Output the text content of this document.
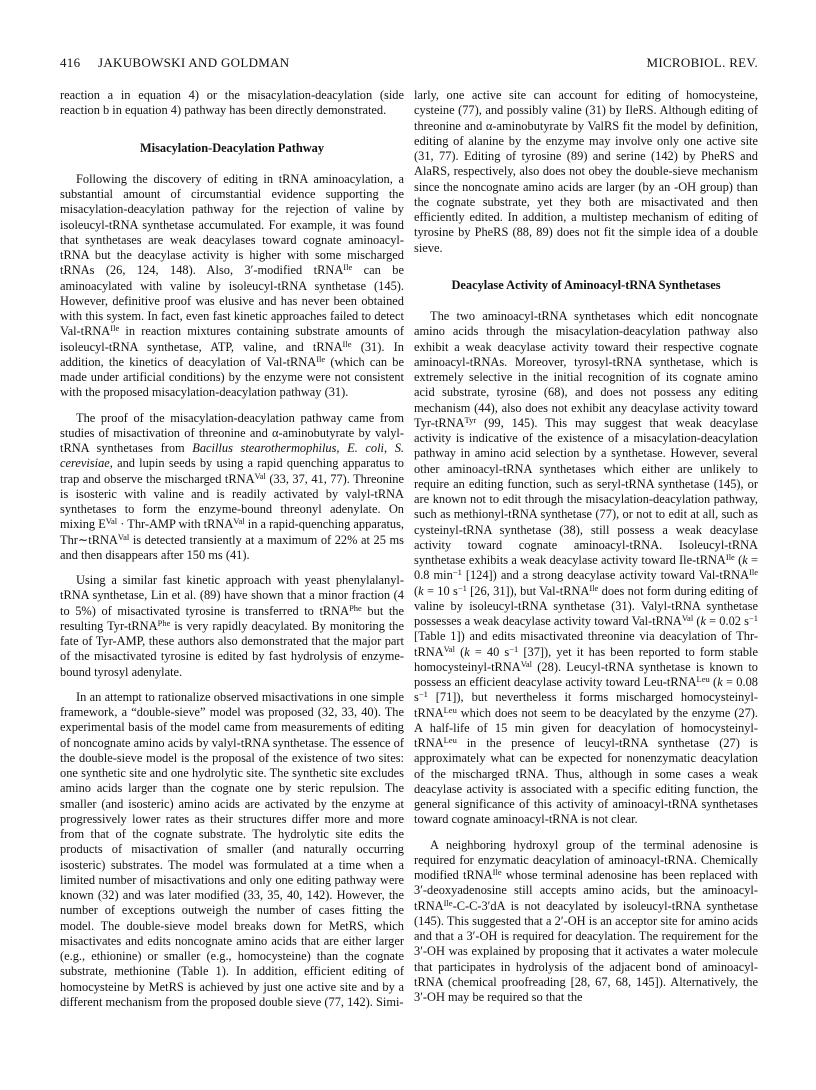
416 JAKUBOWSKI AND GOLDMAN	MICROBIOL. REV.

reaction a in equation 4) or the misacylation-deacylation (side reaction b in equation 4) pathway has been directly demonstrated.

Misacylation-Deacylation Pathway

Following the discovery of editing in tRNA aminoacylation, a substantial amount of circumstantial evidence supporting the misacylation-deacylation pathway for the rejection of valine by isoleucyl-tRNA synthetase accumulated. For example, it was found that synthetases are weak deacylases toward cognate aminoacyl-tRNA but the deacylase activity is higher with some mischarged tRNAs (26, 124, 148). Also, 3′-modified tRNA$^{Ile}$ can be aminoacylated with valine by isoleucyl-tRNA synthetase (145). However, definitive proof was elusive and has never been obtained with this system. In fact, even fast kinetic approaches failed to detect Val-tRNA$^{Ile}$ in reaction mixtures containing substrate amounts of isoleucyl-tRNA synthetase, ATP, valine, and tRNA$^{Ile}$ (31). In addition, the kinetics of deacylation of Val-tRNA$^{Ile}$ (which can be made under artificial conditions) by the enzyme were not consistent with the proposed misacylation-deacylation pathway (31).

The proof of the misacylation-deacylation pathway came from studies of misactivation of threonine and α-aminobutyrate by valyl-tRNA synthetases from Bacillus stearothermophilus, E. coli, S. cerevisiae, and lupin seeds by using a rapid quenching apparatus to trap and observe the mischarged tRNA$^{Val}$ (33, 37, 41, 77). Threonine is isosteric with valine and is readily activated by valyl-tRNA synthetases to form the enzyme-bound threonyl adenylate. On mixing $E^{Val} \cdot Thr-AMP$ with tRNA$^{Val}$ in a rapid-quenching apparatus, Thr∼tRNA$^{Val}$ is detected transiently at a maximum of 22% at 25 ms and then disappears after 150 ms (41).

Using a similar fast kinetic approach with yeast phenylalanyl-tRNA synthetase, Lin et al. (89) have shown that a minor fraction (4 to 5%) of misactivated tyrosine is transferred to tRNA$^{Phe}$ but the resulting Tyr-tRNA$^{Phe}$ is very rapidly deacylated. By monitoring the fate of Tyr-AMP, these authors also demonstrated that the major part of the misactivated tyrosine is edited by fast hydrolysis of enzyme-bound tyrosyl adenylate.

In an attempt to rationalize observed misactivations in one simple framework, a “double-sieve” model was proposed (32, 33, 40). The experimental basis of the model came from measurements of editing of noncognate amino acids by valyl-tRNA synthetase. The essence of the double-sieve model is the proposal of the existence of two sites: one synthetic site and one hydrolytic site. The synthetic site excludes amino acids larger than the cognate one by steric repulsion. The smaller (and isosteric) amino acids are activated by the enzyme at progressively lower rates as their structures differ more and more from that of the cognate substrate. The hydrolytic site edits the products of misactivation of smaller (and naturally occurring isosteric) substrates. The model was formulated at a time when a limited number of misactivations and only one editing pathway were known (32) and was later modified (33, 35, 40, 142). However, the number of exceptions outweigh the number of cases fitting the model. The double-sieve model breaks down for MetRS, which misactivates and edits noncognate amino acids that are either larger (e.g., ethionine) or smaller (e.g., homocysteine) than the cognate substrate, methionine (Table 1). In addition, efficient editing of homocysteine by MetRS is achieved by just one active site and by a different mechanism from the proposed double sieve (77, 142). Simi-

larly, one active site can account for editing of homocysteine, cysteine (77), and possibly valine (31) by IleRS. Although editing of threonine and α-aminobutyrate by ValRS fit the model by definition, editing of alanine by the enzyme may involve only one active site (31, 77). Editing of tyrosine (89) and serine (142) by PheRS and AlaRS, respectively, also does not obey the double-sieve mechanism since the noncognate amino acids are larger (by an -OH group) than the cognate substrate, yet they both are misactivated and then efficiently edited. In addition, a multistep mechanism of editing of tyrosine by PheRS (88, 89) does not fit the simple idea of a double sieve.

Deacylase Activity of Aminoacyl-tRNA Synthetases

The two aminoacyl-tRNA synthetases which edit noncognate amino acids through the misacylation-deacylation pathway also exhibit a weak deacylase activity toward their respective cognate aminoacyl-tRNAs. Moreover, tyrosyl-tRNA synthetase, which is extremely selective in the initial recognition of its cognate amino acid substrate, tyrosine (68), and does not possess any editing mechanism (44), also does not exhibit any deacylase activity toward Tyr-tRNA$^{Tyr}$ (99, 145). This may suggest that weak deacylase activity is indicative of the existence of a misacylation-deacylation pathway in amino acid selection by a synthetase. However, several other aminoacyl-tRNA synthetases which either are unlikely to require an editing function, such as seryl-tRNA synthetase (145), or are known not to edit through the misacylation-deacylation pathway, such as methionyl-tRNA synthetase (77), or not to edit at all, such as cysteinyl-tRNA synthetase (38), still possess a weak deacylase activity toward cognate aminoacyl-tRNA. Isoleucyl-tRNA synthetase exhibits a weak deacylase activity toward Ile-tRNA$^{Ile}$ (k = 0.8 $\min^{-1} [124]$) and a strong deacylase activity toward Val-tRNA$^{Ile}$ (k = 10 $s^{-1}$ [26, 31]), but Val-tRNA$^{Ile}$ does not form during editing of valine by isoleucyl-tRNA synthetase (31). Valyl-tRNA synthetase possesses a weak deacylase activity toward Val-tRNA$^{Val}$ (k = 0.02 $s^{-1}$ [Table 1]) and edits misactivated threonine via deacylation of Thr-tRNA$^{Val}$ (k = 40 $s^{-1}$ [37]), yet it has been reported to form stable homocysteinyl-tRNA$^{Val}$ (28). Leucyl-tRNA synthetase is known to possess an efficient deacylase activity toward Leu-tRNA$^{Leu}$ (k = 0.08 $s^{-1}$ [71]), but nevertheless it forms mischarged homocysteinyl-tRNA$^{Leu}$ which does not seem to be deacylated by the enzyme (27). A half-life of 15 min given for deacylation of homocysteinyl-tRNA$^{Leu}$ in the presence of leucyl-tRNA synthetase (27) is approximately what can be expected for nonenzymatic deacylation of the mischarged tRNA. Thus, although in some cases a weak deacylase activity is associated with a specific editing function, the general significance of this activity of aminoacyl-tRNA synthetases toward cognate aminoacyl-tRNA is not clear.

A neighboring hydroxyl group of the terminal adenosine is required for enzymatic deacylation of aminoacyl-tRNA. Chemically modified tRNA$^{Ile}$ whose terminal adenosine has been replaced with 3′-deoxyadenosine still accepts amino acids, but the aminoacyl-tRNA$^{Ile}$-C-C-3′dA is not deacylated by isoleucyl-tRNA synthetase (145). This suggested that a 2′-OH is an acceptor site for amino acids and that a 3′-OH is required for deacylation. The requirement for the 3′-OH was explained by proposing that it activates a water molecule that participates in hydrolysis of the adjacent bond of aminoacyl-tRNA (chemical proofreading [28, 67, 68, 145]). Alternatively, the 3′-OH may be required so that the
